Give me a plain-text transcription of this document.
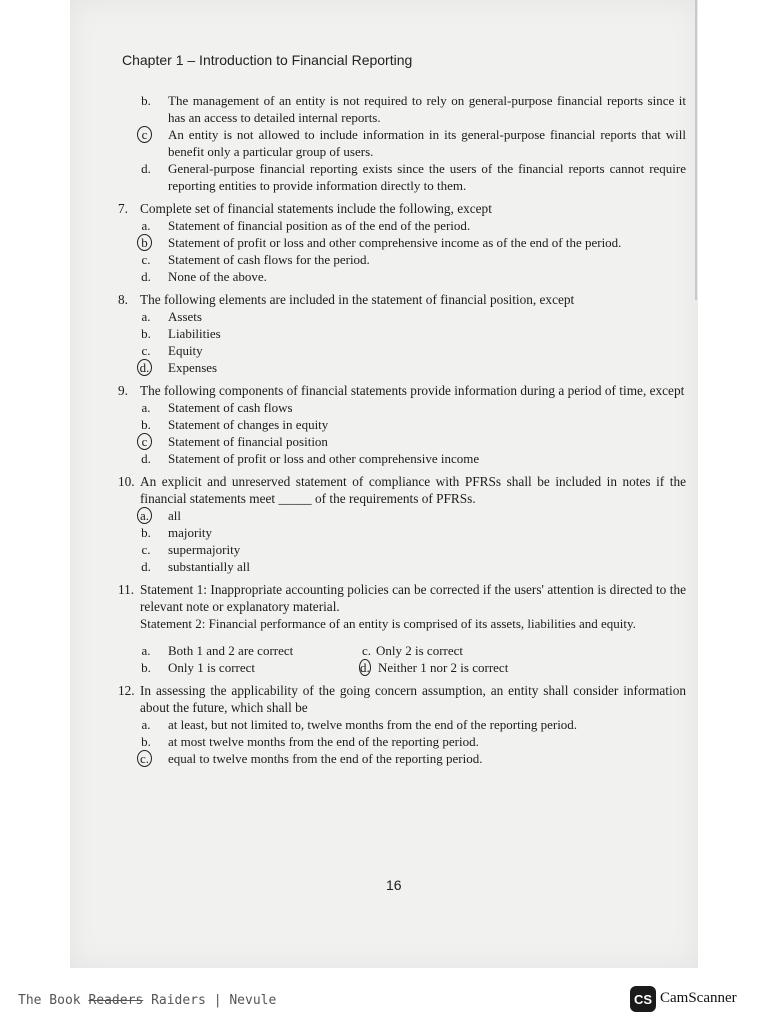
Chapter 1 – Introduction to Financial Reporting
b.	The management of an entity is not required to rely on general-purpose financial reports since it has an access to detailed internal reports.
c	An entity is not allowed to include information in its general-purpose financial reports that will benefit only a particular group of users.
d.	General-purpose financial reporting exists since the users of the financial reports cannot require reporting entities to provide information directly to them.
7. Complete set of financial statements include the following, except
a.	Statement of financial position as of the end of the period.
b	Statement of profit or loss and other comprehensive income as of the end of the period.
c.	Statement of cash flows for the period.
d.	None of the above.
8. The following elements are included in the statement of financial position, except
a.	Assets
b.	Liabilities
c.	Equity
d.	Expenses
9. The following components of financial statements provide information during a period of time, except
a.	Statement of cash flows
b.	Statement of changes in equity
c	Statement of financial position
d.	Statement of profit or loss and other comprehensive income
10. An explicit and unreserved statement of compliance with PFRSs shall be included in notes if the financial statements meet _____ of the requirements of PFRSs.
a.	all
b.	majority
c.	supermajority
d.	substantially all
11. Statement 1: Inappropriate accounting policies can be corrected if the users' attention is directed to the relevant note or explanatory material.
Statement 2: Financial performance of an entity is comprised of its assets, liabilities and equity.
a.	Both 1 and 2 are correct	c. Only 2 is correct
b.	Only 1 is correct	d. Neither 1 nor 2 is correct
12. In assessing the applicability of the going concern assumption, an entity shall consider information about the future, which shall be
a.	at least, but not limited to, twelve months from the end of the reporting period.
b.	at most twelve months from the end of the reporting period.
c.	equal to twelve months from the end of the reporting period.
16
The Book Readers Raiders | Nevule	CS CamScanner
